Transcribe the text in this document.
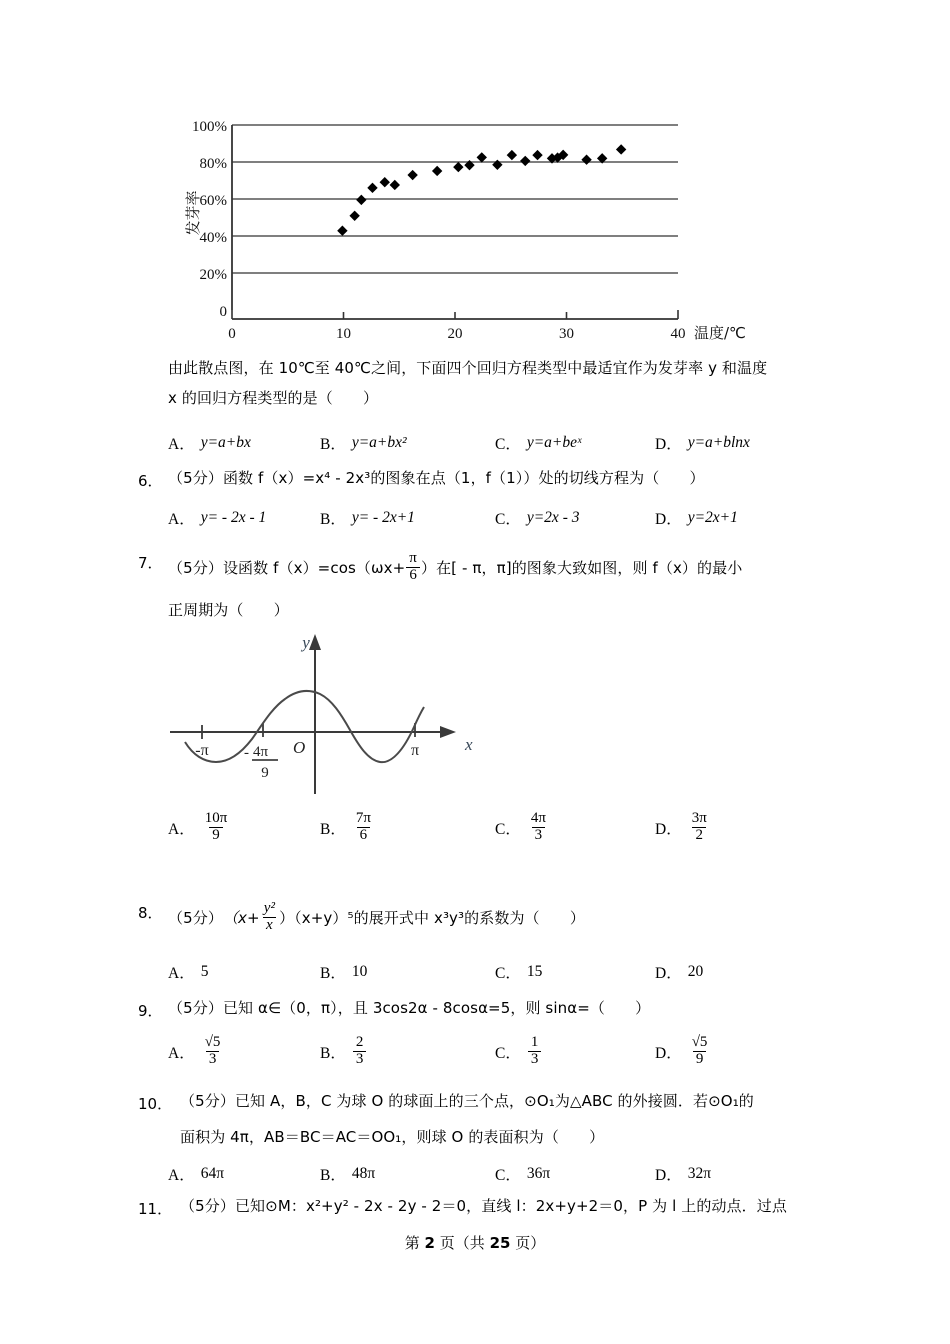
100%
80%
60%
40%
20%
0
0	10	20	30	40
发芽率
温度/℃
由此散点图，在 10℃至 40℃之间，下面四个回归方程类型中最适宜作为发芽率 y 和温度
x 的回归方程类型的是（　　）
A． y=a+bx	B． y=a+bx²	C． y=a+beˣ	D． y=a+blnx
6． （5分）函数 f（x）=x⁴ - 2x³的图象在点（1，f（1））处的切线方程为（　　）
A． y= - 2x - 1	B． y= - 2x+1	C． y=2x - 3	D． y=2x+1
7． （5分） 设函数 $f(x)=\cos(\omega x+ \frac{\pi}{6}$ ）在[ - π，π]的图象大致如图，则 f（x）的最小
正周期为（　　）
y
x
O
-π	π
- 4π
9
A． $\frac{10\pi}{9}$	B． $\frac{7\pi}{6}$	C． $\frac{4\pi}{3}$	D． $\frac{3\pi}{2}$
8． （5分） $(x+ \frac{\text{y²}}{x} )(x+y)^5$的展开式中 x³y³的系数为（　　）
A． 5	B． 10	C． 15	D． 20
9． （5分）已知 α∈（0，π），且 3cos2α - 8cosα=5，则 sinα=（　　）
A． $\frac{√5}{3}$	B． $\frac{2}{3}$	C． $\frac{1}{3}$	D． $\frac{√5}{9}$
10． （5分）已知 A，B，C 为球 O 的球面上的三个点，⊙O₁为△ABC 的外接圆．若⊙O₁的
面积为 4π，AB＝BC＝AC＝OO₁，则球 O 的表面积为（　　）
A． 64π	B． 48π	C． 36π	D． 32π
11． （5分）已知⊙M：x²+y² - 2x - 2y - 2＝0，直线 l：2x+y+2＝0，P 为 l 上的动点．过点
第 2 页（共 25 页）
